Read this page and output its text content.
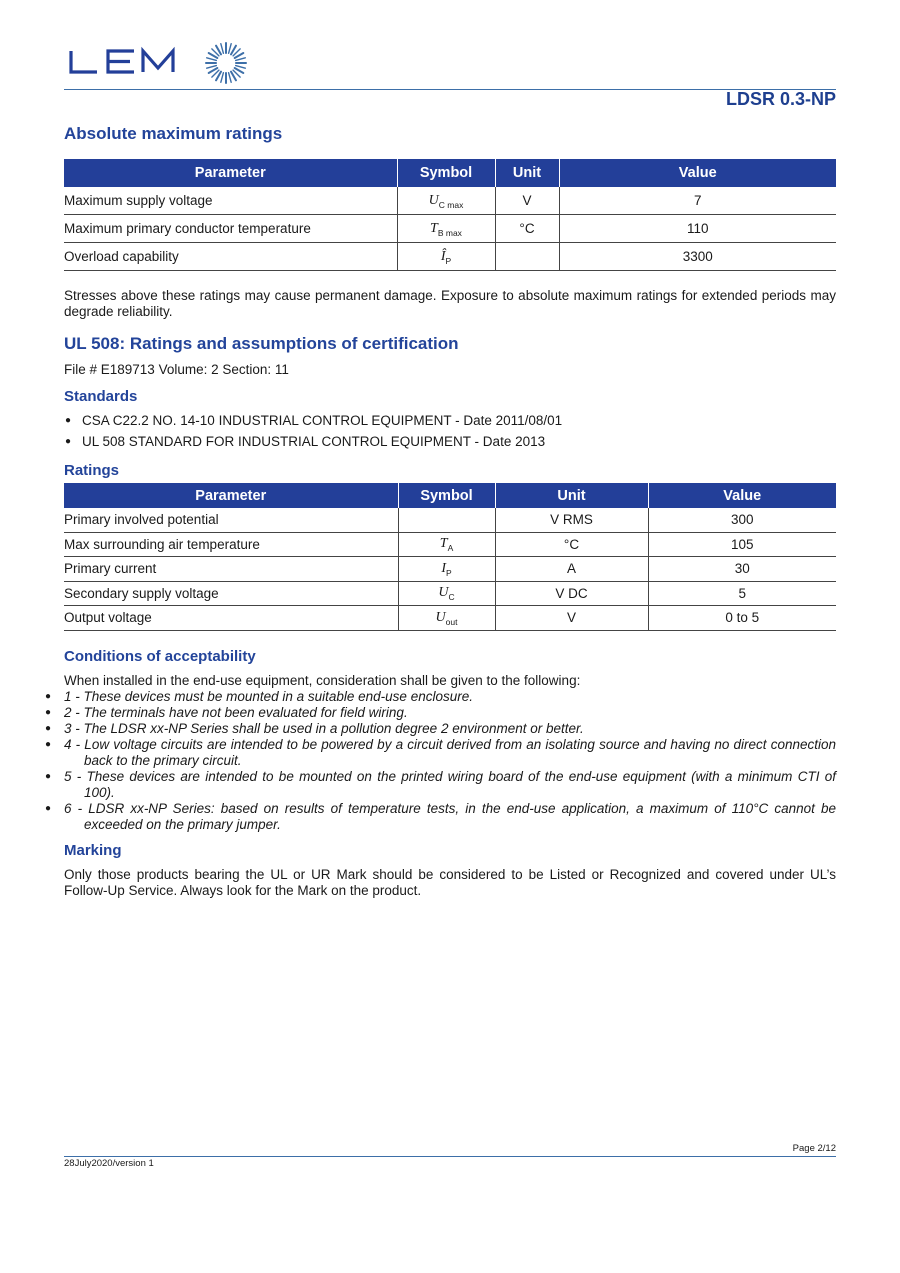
LDSR 0.3-NP
Absolute maximum ratings
Parameter	Symbol	Unit	Value
Maximum supply voltage	$U_{C max}$	V	7
Maximum primary conductor temperature	$T_{B max}$	°C	110
Overload capability	$Î_P$		3300

Stresses above these ratings may cause permanent damage. Exposure to absolute maximum ratings for extended periods may degrade reliability.

UL 508: Ratings and assumptions of certification

File # E189713 Volume: 2 Section: 11

Standards
● CSA C22.2 NO. 14-10 INDUSTRIAL CONTROL EQUIPMENT - Date 2011/08/01
● UL 508 STANDARD FOR INDUSTRIAL CONTROL EQUIPMENT - Date 2013
Ratings
Parameter	Symbol	Unit	Value
Primary involved potential		V RMS	300
Max surrounding air temperature	$T_A$	°C	105
Primary current	$I_P$	A	30
Secondary supply voltage	$U_C$	V DC	5
Output voltage	$U_{out}$	V	0 to 5
Conditions of acceptability

When installed in the end-use equipment, consideration shall be given to the following:

● 1 - These devices must be mounted in a suitable end-use enclosure.
● 2 - The terminals have not been evaluated for field wiring.
● 3 - The LDSR xx-NP Series shall be used in a pollution degree 2 environment or better.
● 4 - Low voltage circuits are intended to be powered by a circuit derived from an isolating source and having no direct connection back to the primary circuit.
● 5 - These devices are intended to be mounted on the printed wiring board of the end-use equipment (with a minimum CTI of 100).
● 6 - LDSR xx-NP Series: based on results of temperature tests, in the end-use application, a maximum of 110°C cannot be exceeded on the primary jumper.
Marking

Only those products bearing the UL or UR Mark should be considered to be Listed or Recognized and covered under UL’s Follow-Up Service. Always look for the Mark on the product.

Page 2/12
28July2020/version 1
